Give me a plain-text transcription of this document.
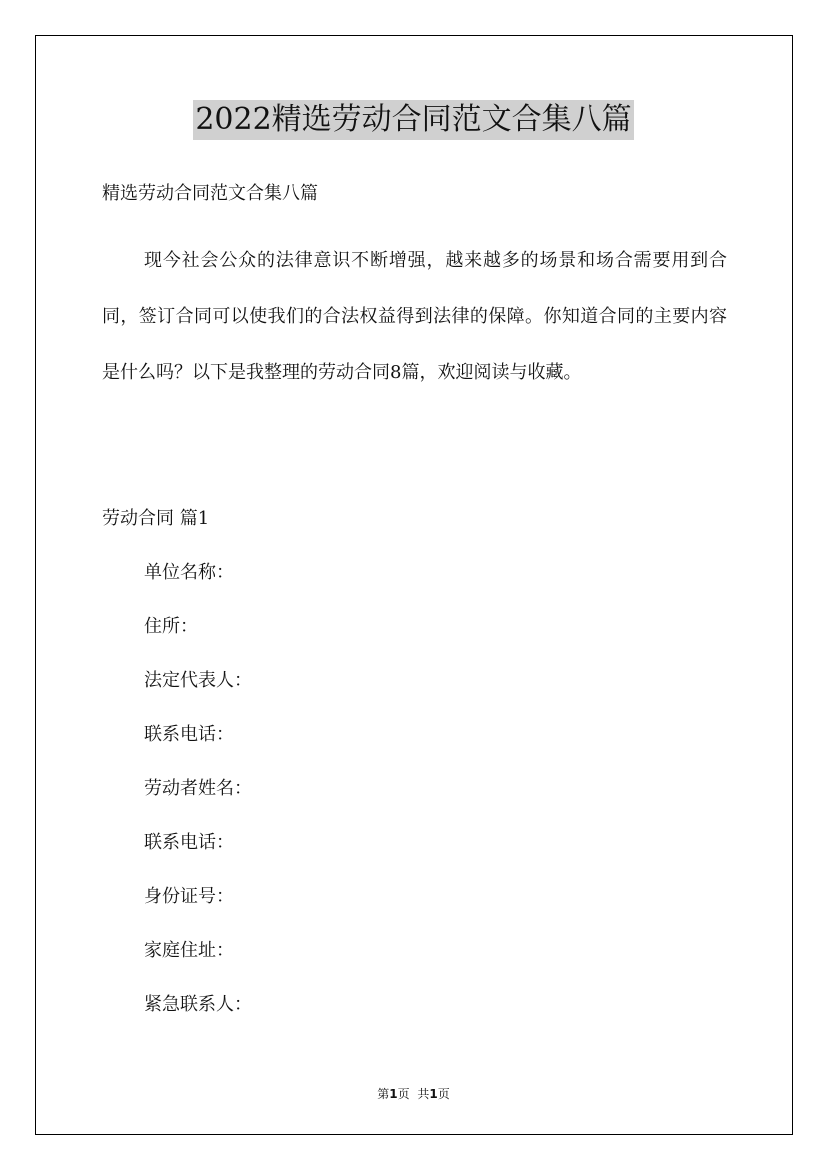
2022精选劳动合同范文合集八篇
精选劳动合同范文合集八篇
现今社会公众的法律意识不断增强，越来越多的场景和场合需要用到合同，签订合同可以使我们的合法权益得到法律的保障。你知道合同的主要内容是什么吗？以下是我整理的劳动合同8篇，欢迎阅读与收藏。
劳动合同 篇1
单位名称：
住所：
法定代表人：
联系电话：
劳动者姓名：
联系电话：
身份证号：
家庭住址：
紧急联系人：
第1页 共1页
